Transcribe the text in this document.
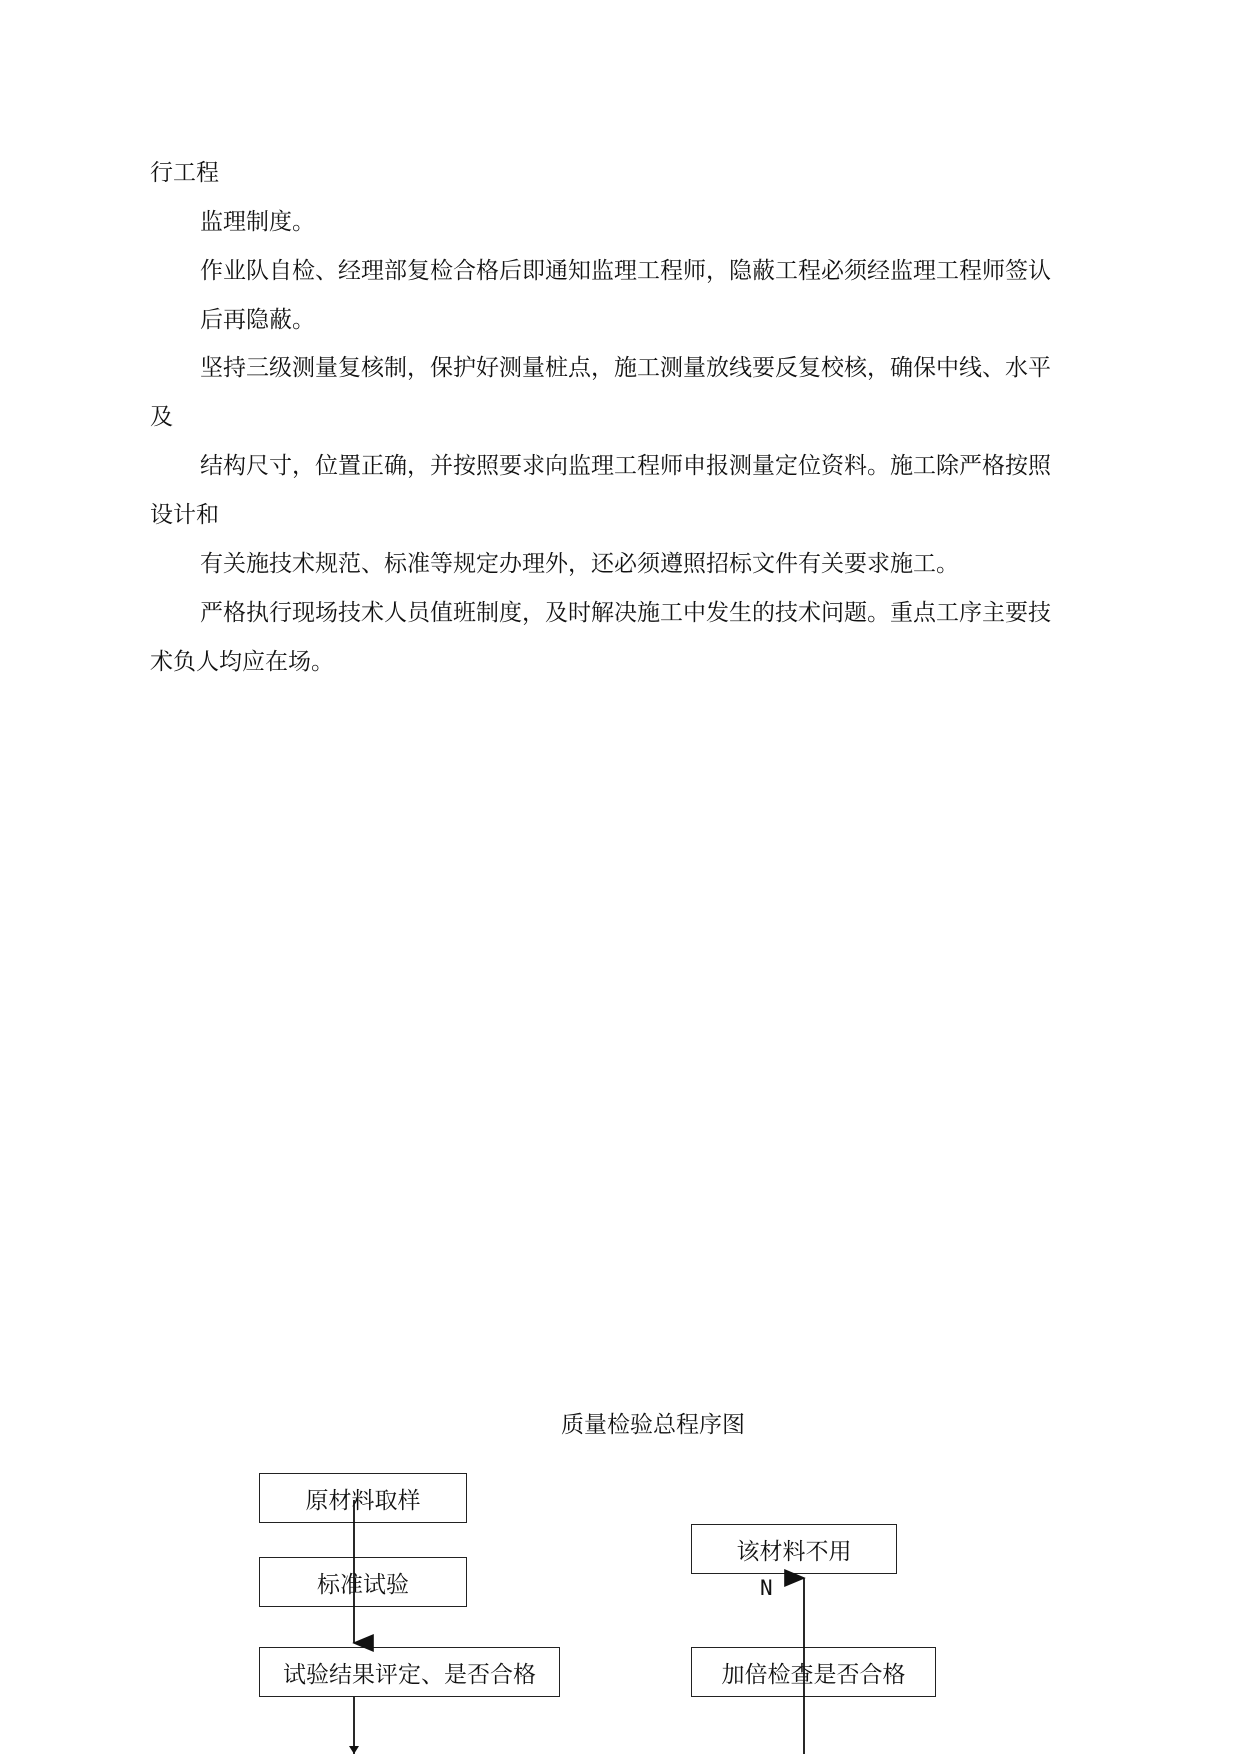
行工程
监理制度。
作业队自检、经理部复检合格后即通知监理工程师，隐蔽工程必须经监理工程师签认
后再隐蔽。
坚持三级测量复核制，保护好测量桩点，施工测量放线要反复校核，确保中线、水平
及
结构尺寸，位置正确，并按照要求向监理工程师申报测量定位资料。施工除严格按照
设计和
有关施技术规范、标准等规定办理外，还必须遵照招标文件有关要求施工。
严格执行现场技术人员值班制度，及时解决施工中发生的技术问题。重点工序主要技
术负人均应在场。
质量检验总程序图
原材料取样
标准试验
试验结果评定、是否合格
该材料不用
加倍检查是否合格
N
